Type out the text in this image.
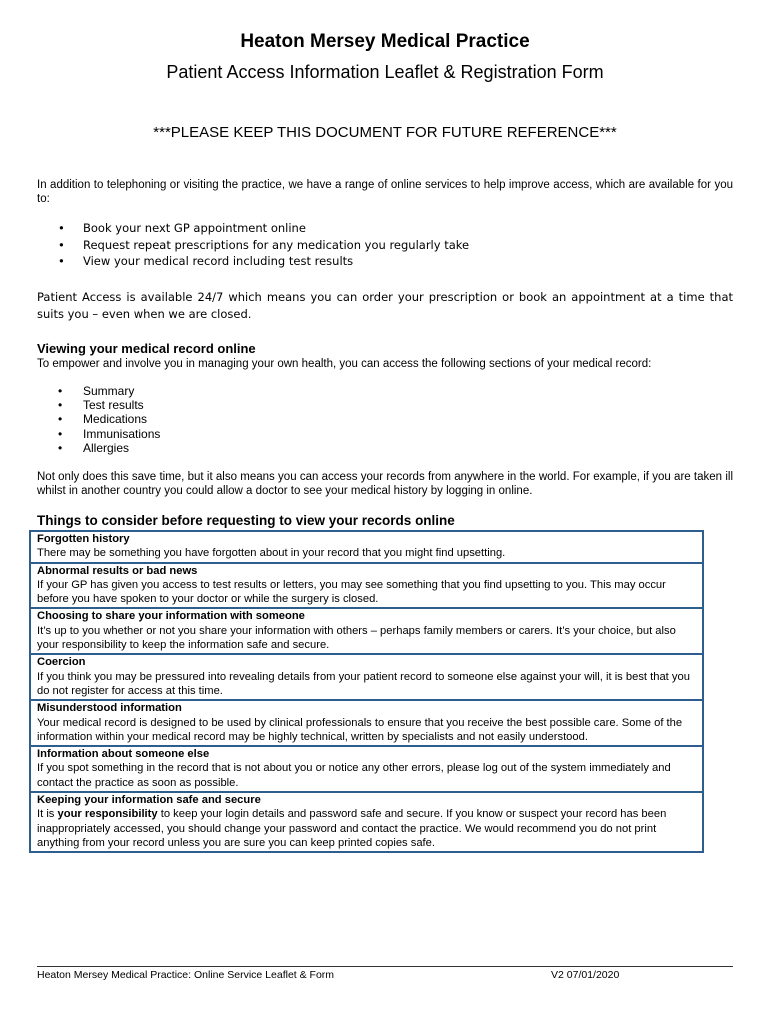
Heaton Mersey Medical Practice
Patient Access Information Leaflet & Registration Form
***PLEASE KEEP THIS DOCUMENT FOR FUTURE REFERENCE***
In addition to telephoning or visiting the practice, we have a range of online services to help improve access, which are available for you to:
• Book your next GP appointment online
• Request repeat prescriptions for any medication you regularly take
• View your medical record including test results
Patient Access is available 24/7 which means you can order your prescription or book an appointment at a time that suits you – even when we are closed.
Viewing your medical record online
To empower and involve you in managing your own health, you can access the following sections of your medical record:
• Summary
• Test results
• Medications
• Immunisations
• Allergies
Not only does this save time, but it also means you can access your records from anywhere in the world. For example, if you are taken ill whilst in another country you could allow a doctor to see your medical history by logging in online.
Things to consider before requesting to view your records online
Forgotten history
There may be something you have forgotten about in your record that you might find upsetting.
Abnormal results or bad news
If your GP has given you access to test results or letters, you may see something that you find upsetting to you. This may occur before you have spoken to your doctor or while the surgery is closed.
Choosing to share your information with someone
It’s up to you whether or not you share your information with others – perhaps family members or carers. It’s your choice, but also your responsibility to keep the information safe and secure.
Coercion
If you think you may be pressured into revealing details from your patient record to someone else against your will, it is best that you do not register for access at this time.
Misunderstood information
Your medical record is designed to be used by clinical professionals to ensure that you receive the best possible care. Some of the information within your medical record may be highly technical, written by specialists and not easily understood.
Information about someone else
If you spot something in the record that is not about you or notice any other errors, please log out of the system immediately and contact the practice as soon as possible.
Keeping your information safe and secure
It is your responsibility to keep your login details and password safe and secure. If you know or suspect your record has been inappropriately accessed, you should change your password and contact the practice. We would recommend you do not print anything from your record unless you are sure you can keep printed copies safe.
Heaton Mersey Medical Practice: Online Service Leaflet & Form	V2 07/01/2020
